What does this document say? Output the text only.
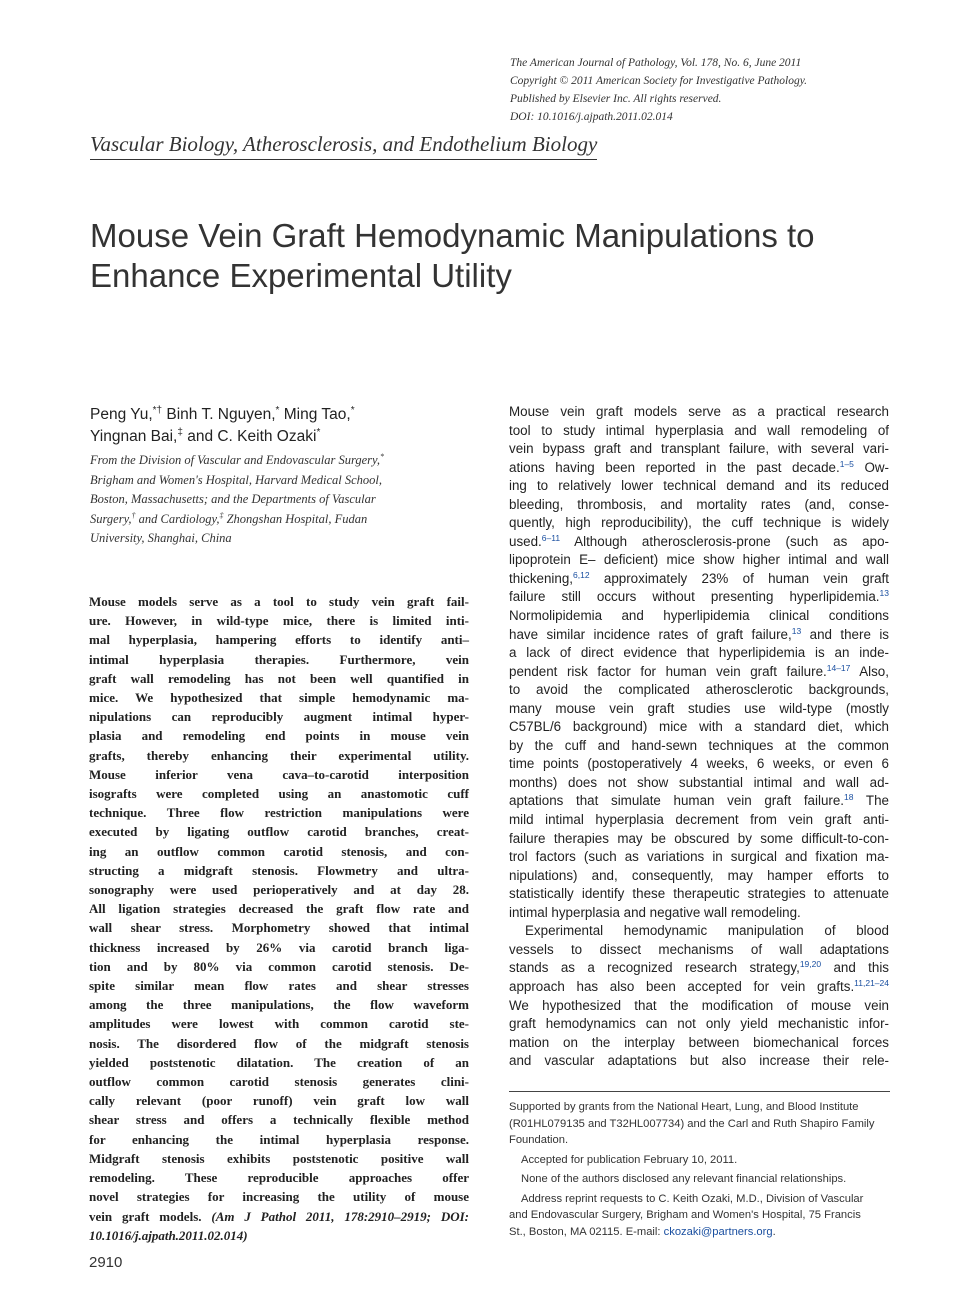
The American Journal of Pathology, Vol. 178, No. 6, June 2011
Copyright © 2011 American Society for Investigative Pathology.
Published by Elsevier Inc. All rights reserved.
DOI: 10.1016/j.ajpath.2011.02.014
Vascular Biology, Atherosclerosis, and Endothelium Biology
Mouse Vein Graft Hemodynamic Manipulations to
Enhance Experimental Utility
Peng Yu,*† Binh T. Nguyen,* Ming Tao,*
Yingnan Bai,‡ and C. Keith Ozaki*
From the Division of Vascular and Endovascular Surgery,*
Brigham and Women's Hospital, Harvard Medical School,
Boston, Massachusetts; and the Departments of Vascular
Surgery,† and Cardiology,‡ Zhongshan Hospital, Fudan
University, Shanghai, China
Mouse models serve as a tool to study vein graft fail-
ure. However, in wild-type mice, there is limited inti-
mal hyperplasia, hampering efforts to identify anti–
intimal hyperplasia therapies. Furthermore, vein
graft wall remodeling has not been well quantified in
mice. We hypothesized that simple hemodynamic ma-
nipulations can reproducibly augment intimal hyper-
plasia and remodeling end points in mouse vein
grafts, thereby enhancing their experimental utility.
Mouse inferior vena cava–to-carotid interposition
isografts were completed using an anastomotic cuff
technique. Three flow restriction manipulations were
executed by ligating outflow carotid branches, creat-
ing an outflow common carotid stenosis, and con-
structing a midgraft stenosis. Flowmetry and ultra-
sonography were used perioperatively and at day 28.
All ligation strategies decreased the graft flow rate and
wall shear stress. Morphometry showed that intimal
thickness increased by 26% via carotid branch liga-
tion and by 80% via common carotid stenosis. De-
spite similar mean flow rates and shear stresses
among the three manipulations, the flow waveform
amplitudes were lowest with common carotid ste-
nosis. The disordered flow of the midgraft stenosis
yielded poststenotic dilatation. The creation of an
outflow common carotid stenosis generates clini-
cally relevant (poor runoff) vein graft low wall
shear stress and offers a technically flexible method
for enhancing the intimal hyperplasia response.
Midgraft stenosis exhibits poststenotic positive wall
remodeling. These reproducible approaches offer
novel strategies for increasing the utility of mouse
vein graft models. (Am J Pathol 2011, 178:2910–2919; DOI:
10.1016/j.ajpath.2011.02.014)
Mouse vein graft models serve as a practical research
tool to study intimal hyperplasia and wall remodeling of
vein bypass graft and transplant failure, with several vari-
ations having been reported in the past decade.$^{1-5}$ Ow-
ing to relatively lower technical demand and its reduced
bleeding, thrombosis, and mortality rates (and, conse-
quently, high reproducibility), the cuff technique is widely
used.$^{6-11}$ Although atherosclerosis-prone (such as apo-
lipoprotein E– deficient) mice show higher intimal and wall
thickening,$^{6,12}$ approximately 23% of human vein graft
failure still occurs without presenting hyperlipidemia.$^{13}$
Normolipidemia and hyperlipidemia clinical conditions
have similar incidence rates of graft failure,$^{13}$ and there is
a lack of direct evidence that hyperlipidemia is an inde-
pendent risk factor for human vein graft failure.$^{14-17}$ Also,
to avoid the complicated atherosclerotic backgrounds,
many mouse vein graft studies use wild-type (mostly
C57BL/6 background) mice with a standard diet, which
by the cuff and hand-sewn techniques at the common
time points (postoperatively 4 weeks, 6 weeks, or even 6
months) does not show substantial intimal and wall ad-
aptations that simulate human vein graft failure.$^{18}$ The
mild intimal hyperplasia decrement from vein graft anti-
failure therapies may be obscured by some difficult-to-con-
trol factors (such as variations in surgical and fixation ma-
nipulations) and, consequently, may hamper efforts to
statistically identify these therapeutic strategies to attenuate
intimal hyperplasia and negative wall remodeling.
Experimental hemodynamic manipulation of blood
vessels to dissect mechanisms of wall adaptations
stands as a recognized research strategy,$^{19,20}$ and this
approach has also been accepted for vein grafts.$^{11,21-24}$
We hypothesized that the modification of mouse vein
graft hemodynamics can not only yield mechanistic infor-
mation on the interplay between biomechanical forces
and vascular adaptations but also increase their rele-
Supported by grants from the National Heart, Lung, and Blood Institute
(R01HL079135 and T32HL007734) and the Carl and Ruth Shapiro Family
Foundation.
Accepted for publication February 10, 2011.
None of the authors disclosed any relevant financial relationships.
Address reprint requests to C. Keith Ozaki, M.D., Division of Vascular
and Endovascular Surgery, Brigham and Women's Hospital, 75 Francis
St., Boston, MA 02115. E-mail: ckozaki@partners.org.
2910
